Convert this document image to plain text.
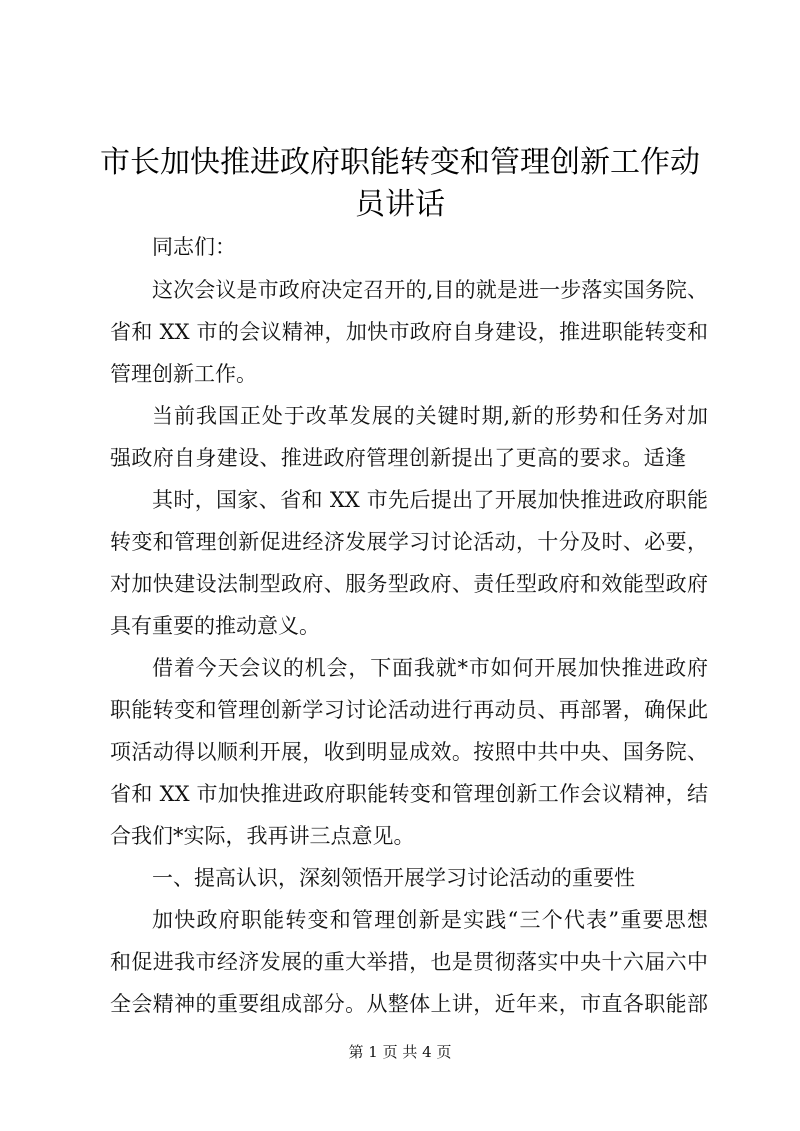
市长加快推进政府职能转变和管理创新工作动
员讲话

同志们：

这次会议是市政府决定召开的,目的就是进一步落实国务院、

省和 XX 市的会议精神，加快市政府自身建设，推进职能转变和

管理创新工作。

当前我国正处于改革发展的关键时期,新的形势和任务对加

强政府自身建设、推进政府管理创新提出了更高的要求。适逢

其时，国家、省和 XX 市先后提出了开展加快推进政府职能

转变和管理创新促进经济发展学习讨论活动，十分及时、必要，

对加快建设法制型政府、服务型政府、责任型政府和效能型政府

具有重要的推动意义。

借着今天会议的机会，下面我就*市如何开展加快推进政府

职能转变和管理创新学习讨论活动进行再动员、再部署，确保此

项活动得以顺利开展，收到明显成效。按照中共中央、国务院、

省和 XX 市加快推进政府职能转变和管理创新工作会议精神，结

合我们*实际，我再讲三点意见。

一、提高认识，深刻领悟开展学习讨论活动的重要性

加快政府职能转变和管理创新是实践“三个代表”重要思想

和促进我市经济发展的重大举措，也是贯彻落实中央十六届六中

全会精神的重要组成部分。从整体上讲，近年来，市直各职能部

第 1 页 共 4 页
